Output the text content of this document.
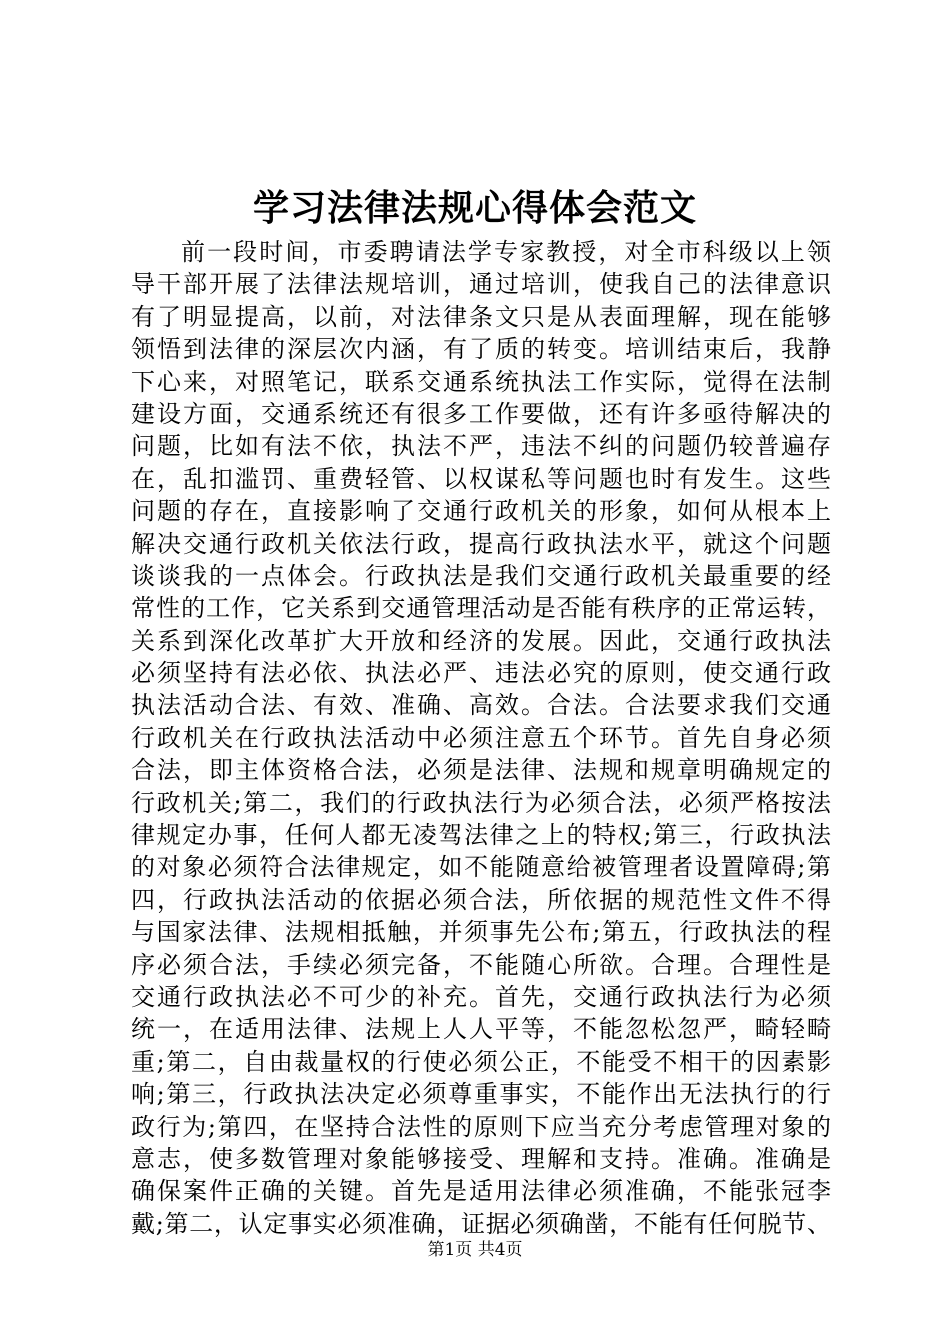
学习法律法规心得体会范文
前一段时间，市委聘请法学专家教授，对全市科级以上领
导干部开展了法律法规培训，通过培训，使我自己的法律意识
有了明显提高，以前，对法律条文只是从表面理解，现在能够
领悟到法律的深层次内涵，有了质的转变。培训结束后，我静
下心来，对照笔记，联系交通系统执法工作实际，觉得在法制
建设方面，交通系统还有很多工作要做，还有许多亟待解决的
问题，比如有法不依，执法不严，违法不纠的问题仍较普遍存
在，乱扣滥罚、重费轻管、以权谋私等问题也时有发生。这些
问题的存在，直接影响了交通行政机关的形象，如何从根本上
解决交通行政机关依法行政，提高行政执法水平，就这个问题
谈谈我的一点体会。行政执法是我们交通行政机关最重要的经
常性的工作，它关系到交通管理活动是否能有秩序的正常运转，
关系到深化改革扩大开放和经济的发展。因此，交通行政执法
必须坚持有法必依、执法必严、违法必究的原则，使交通行政
执法活动合法、有效、准确、高效。合法。合法要求我们交通
行政机关在行政执法活动中必须注意五个环节。首先自身必须
合法，即主体资格合法，必须是法律、法规和规章明确规定的
行政机关;第二，我们的行政执法行为必须合法，必须严格按法
律规定办事，任何人都无凌驾法律之上的特权;第三，行政执法
的对象必须符合法律规定，如不能随意给被管理者设置障碍;第
四，行政执法活动的依据必须合法，所依据的规范性文件不得
与国家法律、法规相抵触，并须事先公布;第五，行政执法的程
序必须合法，手续必须完备，不能随心所欲。合理。合理性是
交通行政执法必不可少的补充。首先，交通行政执法行为必须
统一，在适用法律、法规上人人平等，不能忽松忽严，畸轻畸
重;第二，自由裁量权的行使必须公正，不能受不相干的因素影
响;第三，行政执法决定必须尊重事实，不能作出无法执行的行
政行为;第四，在坚持合法性的原则下应当充分考虑管理对象的
意志，使多数管理对象能够接受、理解和支持。准确。准确是
确保案件正确的关键。首先是适用法律必须准确，不能张冠李
戴;第二，认定事实必须准确，证据必须确凿，不能有任何脱节、
第1页 共4页
